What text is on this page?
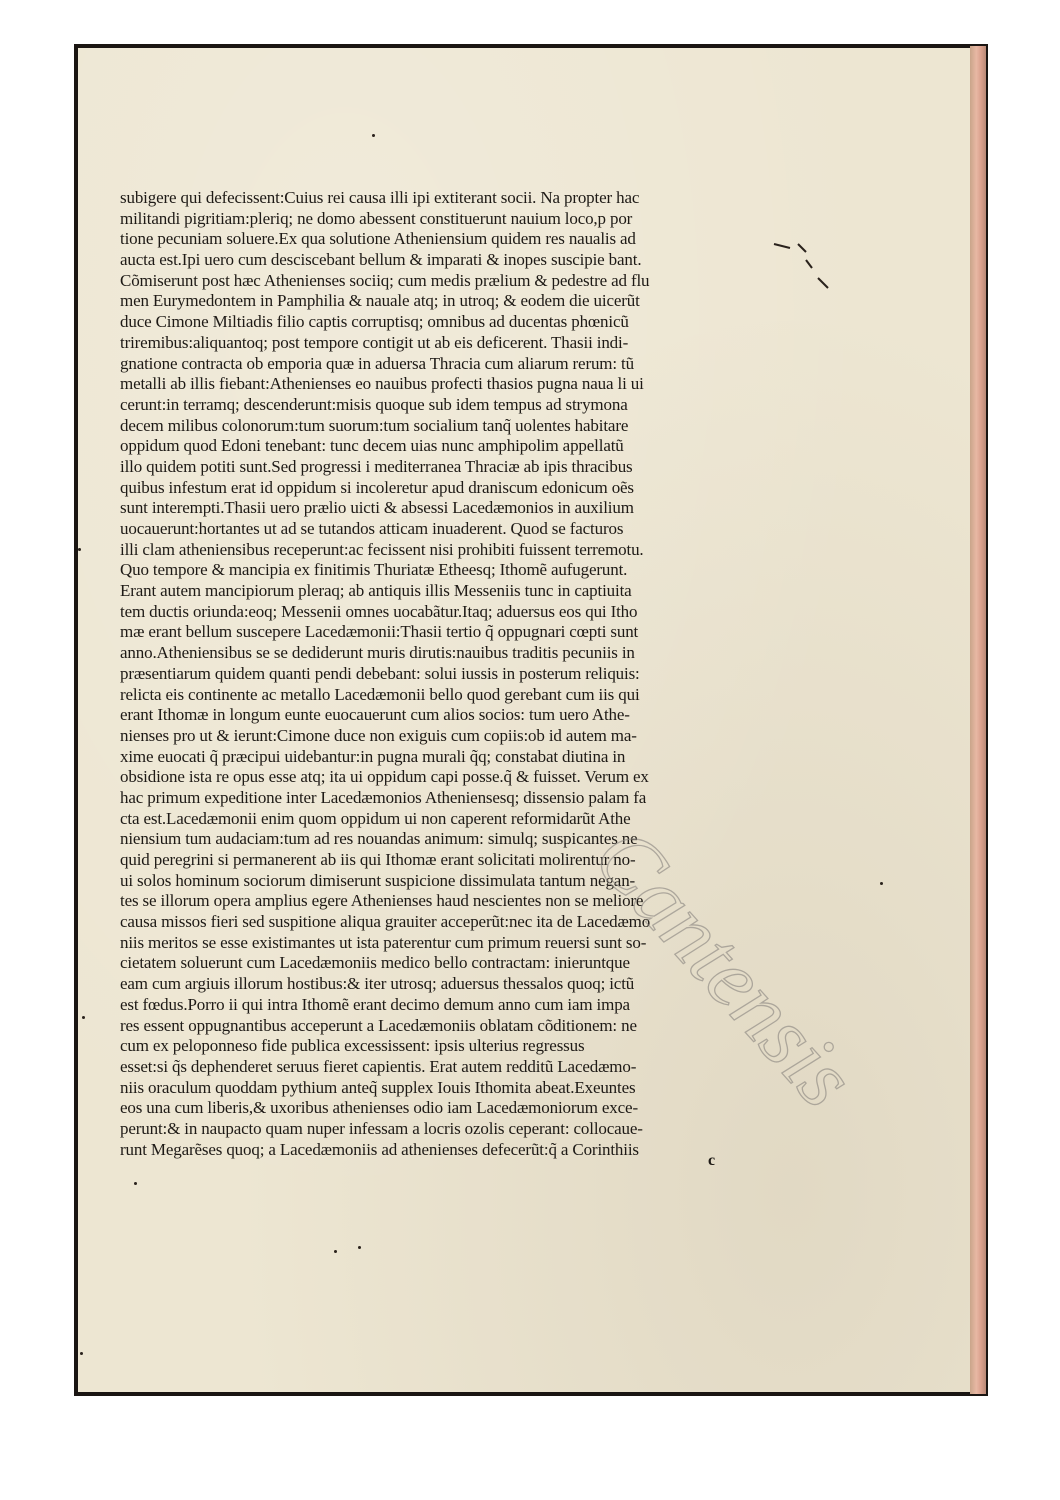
subigere qui defecissent:Cuius rei causa illi ipi extiterant socii. Na propter hac
militandi pigritiam:pleriq; ne domo abessent constituerunt nauium loco,p por
tione pecuniam soluere.Ex qua solutione Atheniensium quidem res naualis ad
aucta est.Ipi uero cum desciscebant bellum & imparati & inopes suscipie bant.
Cõmiserunt post hæc Athenienses sociiq; cum medis prælium & pedestre ad flu
men Eurymedontem in Pamphilia & nauale atq; in utroq; & eodem die uicerũt
duce Cimone Miltiadis filio captis corruptisq; omnibus ad ducentas phœnicũ
triremibus:aliquantoq; post tempore contigit ut ab eis deficerent. Thasii indi-
gnatione contracta ob emporia quæ in aduersa Thracia cum aliarum rerum: tũ
metalli ab illis fiebant:Athenienses eo nauibus profecti thasios pugna naua li ui
cerunt:in terramq; descenderunt:misis quoque sub idem tempus ad strymona
decem milibus colonorum:tum suorum:tum socialium tanq̃ uolentes habitare
oppidum quod Edoni tenebant: tunc decem uias nunc amphipolim appellatũ
illo quidem potiti sunt.Sed progressi i mediterranea Thraciæ ab ipis thracibus
quibus infestum erat id oppidum si incoleretur apud draniscum edonicum oẽs
sunt interempti.Thasii uero prælio uicti & absessi Lacedæmonios in auxilium
uocauerunt:hortantes ut ad se tutandos atticam inuaderent. Quod se facturos
illi clam atheniensibus receperunt:ac fecissent nisi prohibiti fuissent terremotu.
Quo tempore & mancipia ex finitimis Thuriatæ Etheesq; Ithomẽ aufugerunt.
Erant autem mancipiorum pleraq; ab antiquis illis Messeniis tunc in captiuita
tem ductis oriunda:eoq; Messenii omnes uocabãtur.Itaq; aduersus eos qui Itho
mæ erant bellum suscepere Lacedæmonii:Thasii tertio q̃ oppugnari cœpti sunt
anno.Atheniensibus se se dediderunt muris dirutis:nauibus traditis pecuniis in
præsentiarum quidem quanti pendi debebant: solui iussis in posterum reliquis:
relicta eis continente ac metallo Lacedæmonii bello quod gerebant cum iis qui
erant Ithomæ in longum eunte euocauerunt cum alios socios: tum uero Athe-
nienses pro ut & ierunt:Cimone duce non exiguis cum copiis:ob id autem ma-
xime euocati q̃ præcipui uidebantur:in pugna murali q̃q; constabat diutina in
obsidione ista re opus esse atq; ita ui oppidum capi posse.q̃ & fuisset. Verum ex
hac primum expeditione inter Lacedæmonios Atheniensesq; dissensio palam fa
cta est.Lacedæmonii enim quom oppidum ui non caperent reformidarũt Athe
niensium tum audaciam:tum ad res nouandas animum: simulq; suspicantes ne
quid peregrini si permanerent ab iis qui Ithomæ erant solicitati molirentur no-
ui solos hominum sociorum dimiserunt suspicione dissimulata tantum negan-
tes se illorum opera amplius egere Athenienses haud nescientes non se meliore
causa missos fieri sed suspitione aliqua grauiter acceperũt:nec ita de Lacedæmo
niis meritos se esse existimantes ut ista paterentur cum primum reuersi sunt so-
cietatem soluerunt cum Lacedæmoniis medico bello contractam: inieruntque
eam cum argiuis illorum hostibus:& iter utrosq; aduersus thessalos quoq; ictũ
est fœdus.Porro ii qui intra Ithomẽ erant decimo demum anno cum iam impa
res essent oppugnantibus acceperunt a Lacedæmoniis oblatam cõditionem: ne
cum ex peloponneso fide publica excessissent: ipsis ulterius regressus
esset:si q̃s dephenderet seruus fieret capientis. Erat autem redditũ Lacedæmo-
niis oraculum quoddam pythium anteq̃ supplex Iouis Ithomita abeat.Exeuntes
eos una cum liberis,& uxoribus athenienses odio iam Lacedæmoniorum exce-
perunt:& in naupacto quam nuper infessam a locris ozolis ceperant: collocaue-
runt Megarẽses quoq; a Lacedæmoniis ad athenienses defecerũt:q̃ a Corinthiis
c
Cantensis
